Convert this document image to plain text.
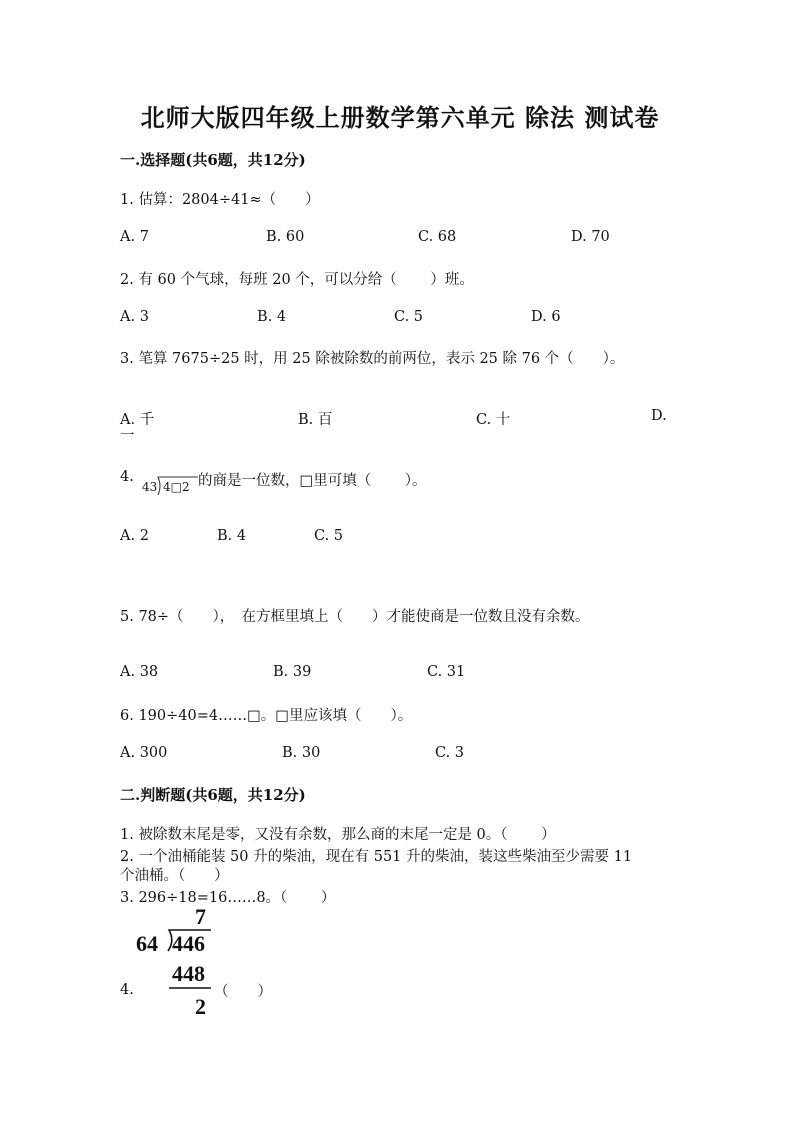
北师大版四年级上册数学第六单元 除法 测试卷
一.选择题(共6题，共12分)
1. 估算：2804÷41≈（　　）
A. 7	B. 60	C. 68	D. 70
2. 有 60 个气球，每班 20 个，可以分给（　　 ）班。
A. 3	B. 4	C. 5	D. 6
3. 笔算 7675÷25 时，用 25 除被除数的前两位，表示 25 除 76 个（　　）。
A. 千	B. 百	C. 十	D.
一
4.
43 4□2 的商是一位数，□里可填（　　 ）。
A. 2	B. 4	C. 5
5. 78÷（　　），　在方框里填上（　　）才能使商是一位数且没有余数。
A. 38	B. 39	C. 31
6. 190÷40=4……□。□里应该填（　　）。
A. 300	B. 30	C. 3
二.判断题(共6题，共12分)
1. 被除数末尾是零，又没有余数，那么商的末尾一定是 0。（　　 ）
2. 一个油桶能装 50 升的柴油，现在有 551 升的柴油，装这些柴油至少需要 11
个油桶。（　　）
3. 296÷18=16……8。（　　 ）
4.
7
64 446
448
2
（　　）
